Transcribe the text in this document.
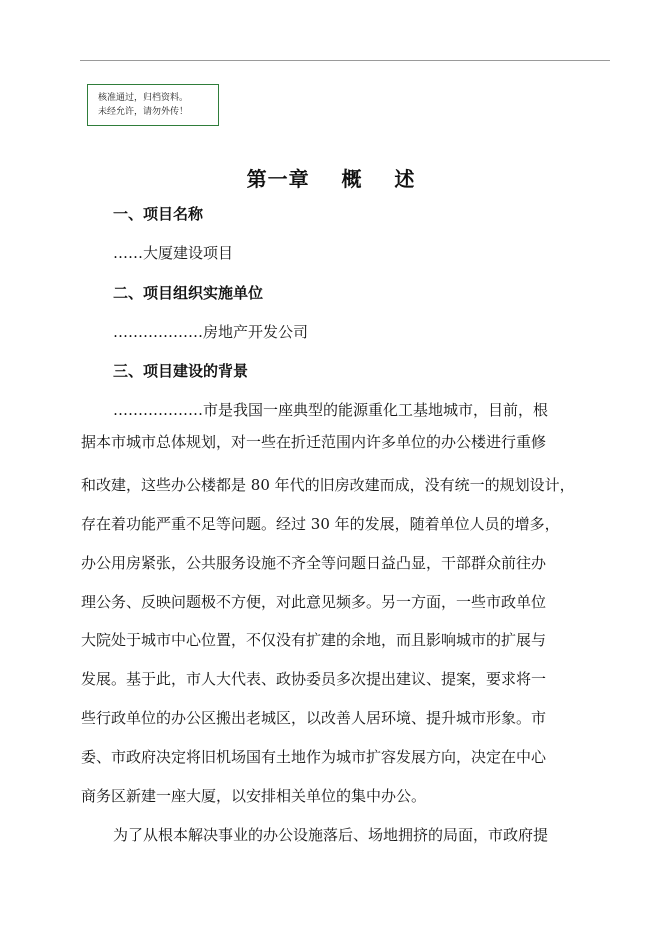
核准通过，归档资料。
未经允许，请勿外传！
第一章    概    述
一、项目名称
……大厦建设项目
二、项目组织实施单位
………………房地产开发公司
三、项目建设的背景
………………市是我国一座典型的能源重化工基地城市，目前，根
据本市城市总体规划，对一些在折迁范围内许多单位的办公楼进行重修
和改建，这些办公楼都是 80 年代的旧房改建而成，没有统一的规划设计，
存在着功能严重不足等问题。经过 30 年的发展，随着单位人员的增多，
办公用房紧张，公共服务设施不齐全等问题日益凸显，干部群众前往办
理公务、反映问题极不方便，对此意见频多。另一方面，一些市政单位
大院处于城市中心位置，不仅没有扩建的余地，而且影响城市的扩展与
发展。基于此，市人大代表、政协委员多次提出建议、提案，要求将一
些行政单位的办公区搬出老城区，以改善人居环境、提升城市形象。市
委、市政府决定将旧机场国有土地作为城市扩容发展方向，决定在中心
商务区新建一座大厦，以安排相关单位的集中办公。
为了从根本解决事业的办公设施落后、场地拥挤的局面，市政府提
